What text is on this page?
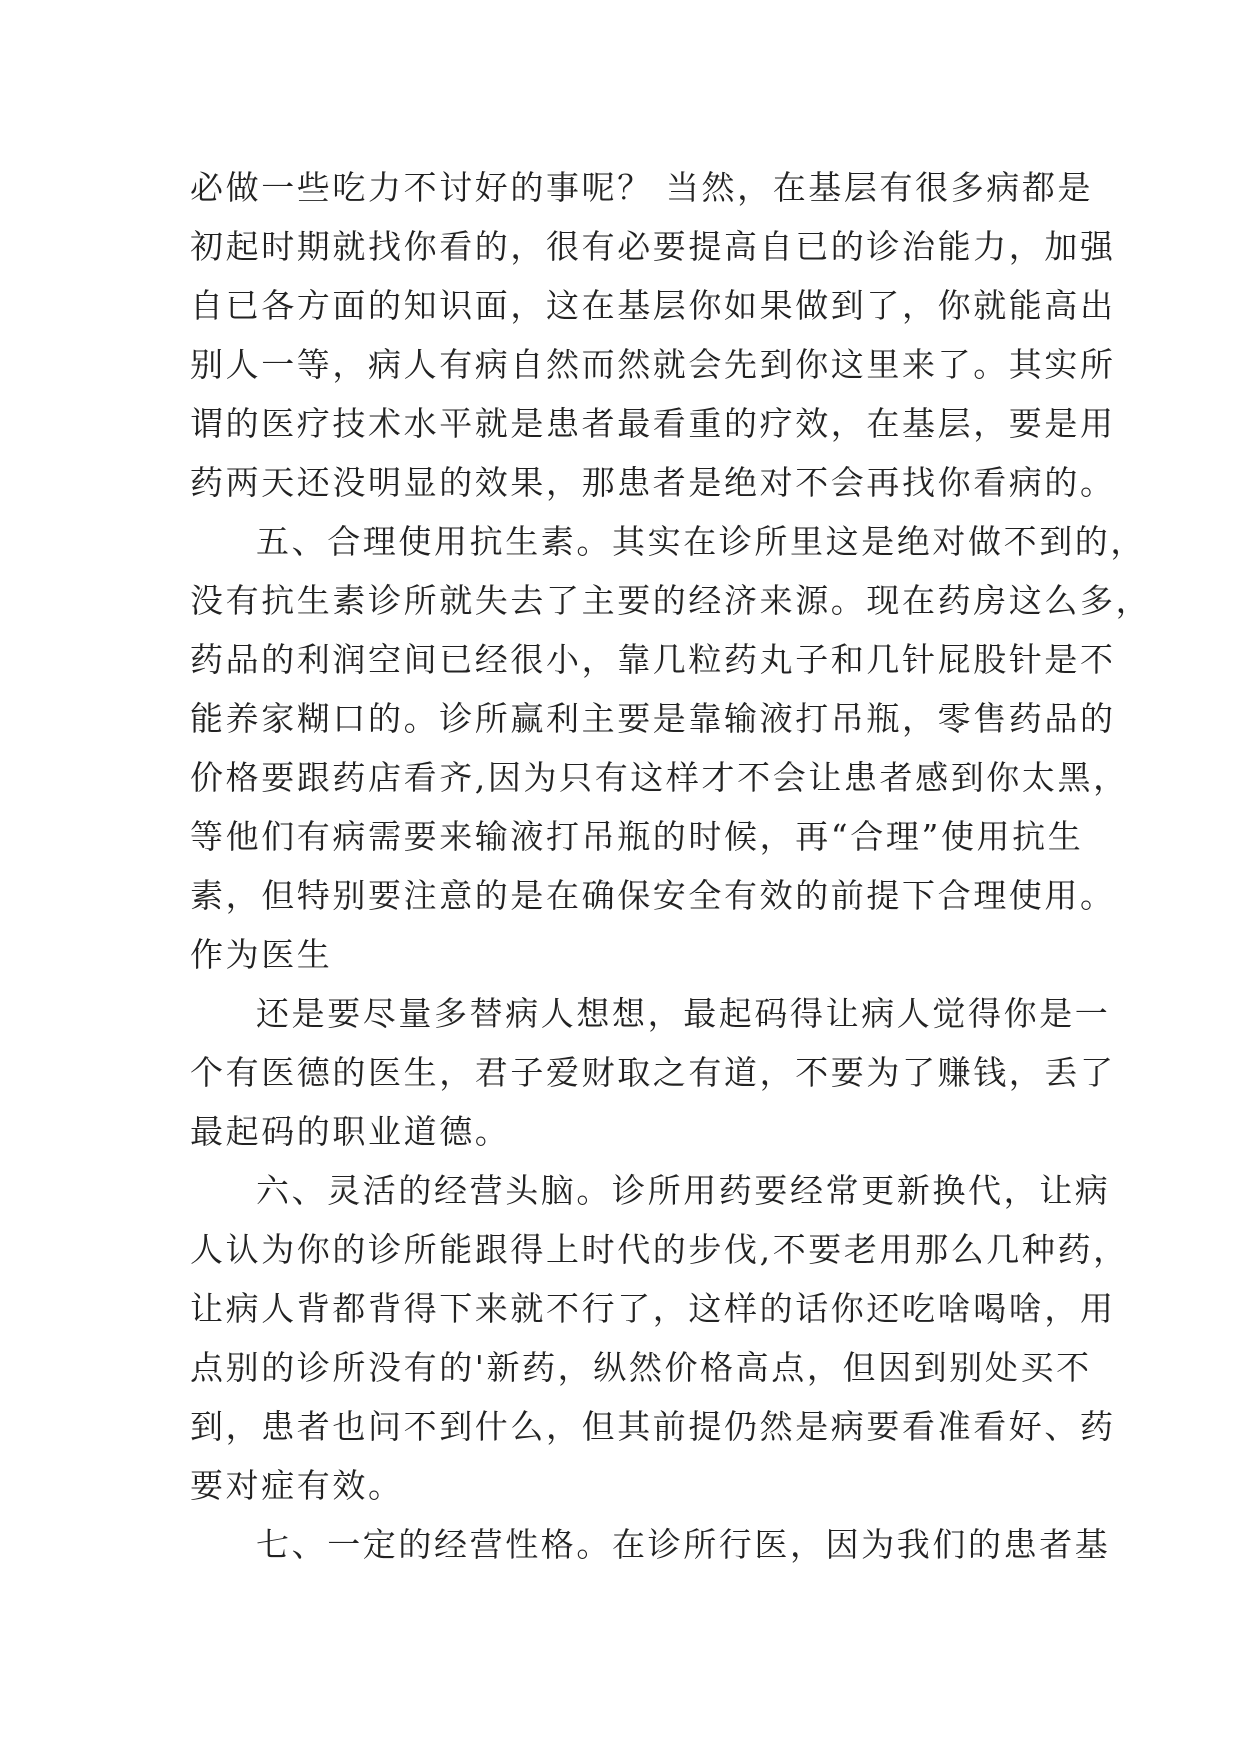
必做一些吃力不讨好的事呢？ 当然，在基层有很多病都是
初起时期就找你看的，很有必要提高自已的诊治能力，加强
自已各方面的知识面，这在基层你如果做到了，你就能高出
别人一等，病人有病自然而然就会先到你这里来了。其实所
谓的医疗技术水平就是患者最看重的疗效，在基层，要是用
药两天还没明显的效果，那患者是绝对不会再找你看病的。
五、合理使用抗生素。其实在诊所里这是绝对做不到的，
没有抗生素诊所就失去了主要的经济来源。现在药房这么多，
药品的利润空间已经很小，靠几粒药丸子和几针屁股针是不
能养家糊口的。诊所赢利主要是靠输液打吊瓶，零售药品的
价格要跟药店看齐,因为只有这样才不会让患者感到你太黑，
等他们有病需要来输液打吊瓶的时候，再“合理”使用抗生
素，但特别要注意的是在确保安全有效的前提下合理使用。
作为医生
还是要尽量多替病人想想，最起码得让病人觉得你是一
个有医德的医生，君子爱财取之有道，不要为了赚钱，丢了
最起码的职业道德。
六、灵活的经营头脑。诊所用药要经常更新换代，让病
人认为你的诊所能跟得上时代的步伐,不要老用那么几种药，
让病人背都背得下来就不行了，这样的话你还吃啥喝啥，用
点别的诊所没有的'新药，纵然价格高点，但因到别处买不
到，患者也问不到什么，但其前提仍然是病要看准看好、药
要对症有效。
七、一定的经营性格。在诊所行医，因为我们的患者基
